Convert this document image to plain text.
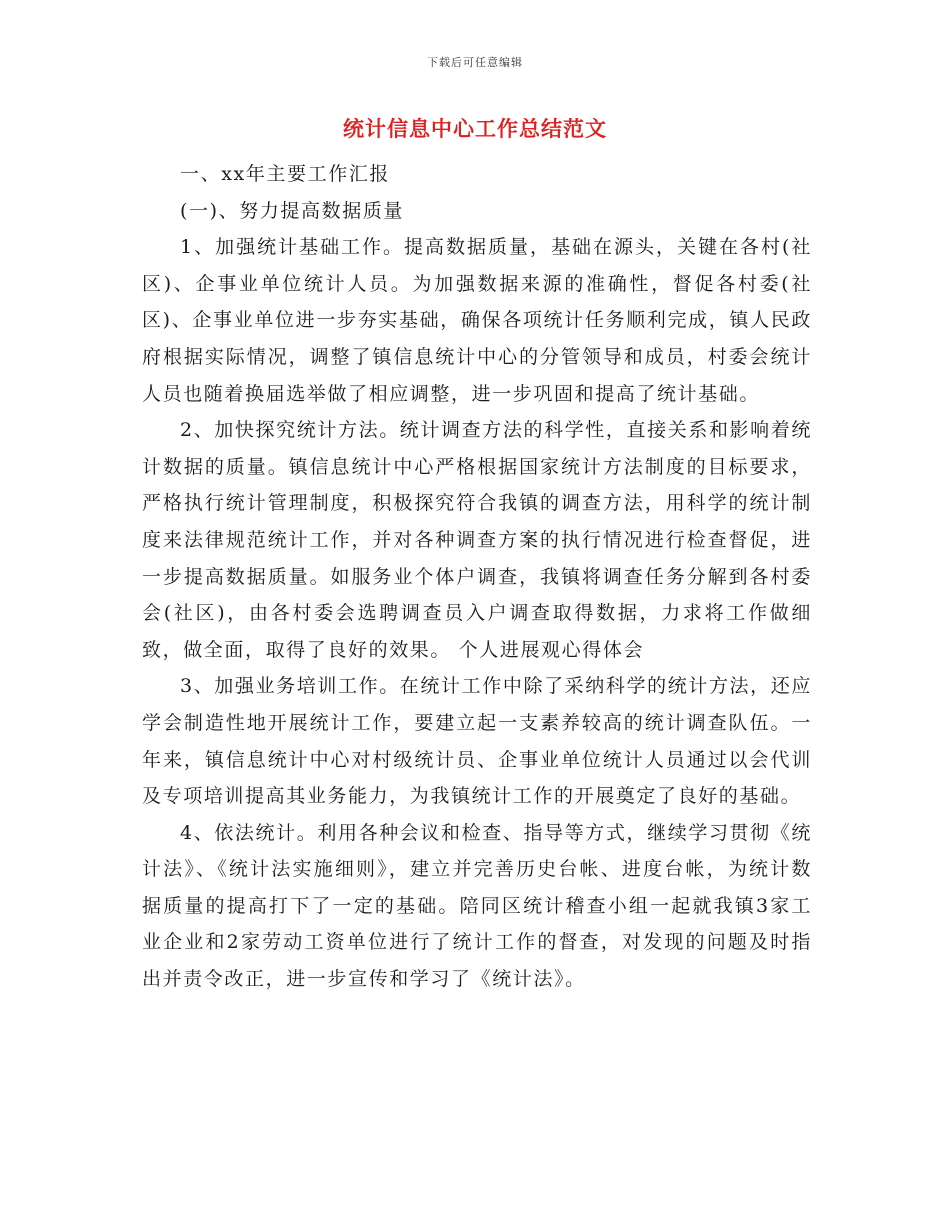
下载后可任意编辑
统计信息中心工作总结范文

一、xx年主要工作汇报

(一)、努力提高数据质量

1、加强统计基础工作。提高数据质量，基础在源头，关键在各村(社区)、企事业单位统计人员。为加强数据来源的准确性，督促各村委(社区)、企事业单位进一步夯实基础，确保各项统计任务顺利完成，镇人民政府根据实际情况，调整了镇信息统计中心的分管领导和成员，村委会统计人员也随着换届选举做了相应调整，进一步巩固和提高了统计基础。

2、加快探究统计方法。统计调查方法的科学性，直接关系和影响着统计数据的质量。镇信息统计中心严格根据国家统计方法制度的目标要求，严格执行统计管理制度，积极探究符合我镇的调查方法，用科学的统计制度来法律规范统计工作，并对各种调查方案的执行情况进行检查督促，进一步提高数据质量。如服务业个体户调查，我镇将调查任务分解到各村委会(社区)，由各村委会选聘调查员入户调查取得数据，力求将工作做细致，做全面，取得了良好的效果。 个人进展观心得体会

3、加强业务培训工作。在统计工作中除了采纳科学的统计方法，还应学会制造性地开展统计工作，要建立起一支素养较高的统计调查队伍。一年来，镇信息统计中心对村级统计员、企事业单位统计人员通过以会代训及专项培训提高其业务能力，为我镇统计工作的开展奠定了良好的基础。

4、依法统计。利用各种会议和检查、指导等方式，继续学习贯彻《统计法》、《统计法实施细则》，建立并完善历史台帐、进度台帐，为统计数据质量的提高打下了一定的基础。陪同区统计稽查小组一起就我镇3家工业企业和2家劳动工资单位进行了统计工作的督查，对发现的问题及时指出并责令改正，进一步宣传和学习了《统计法》。
